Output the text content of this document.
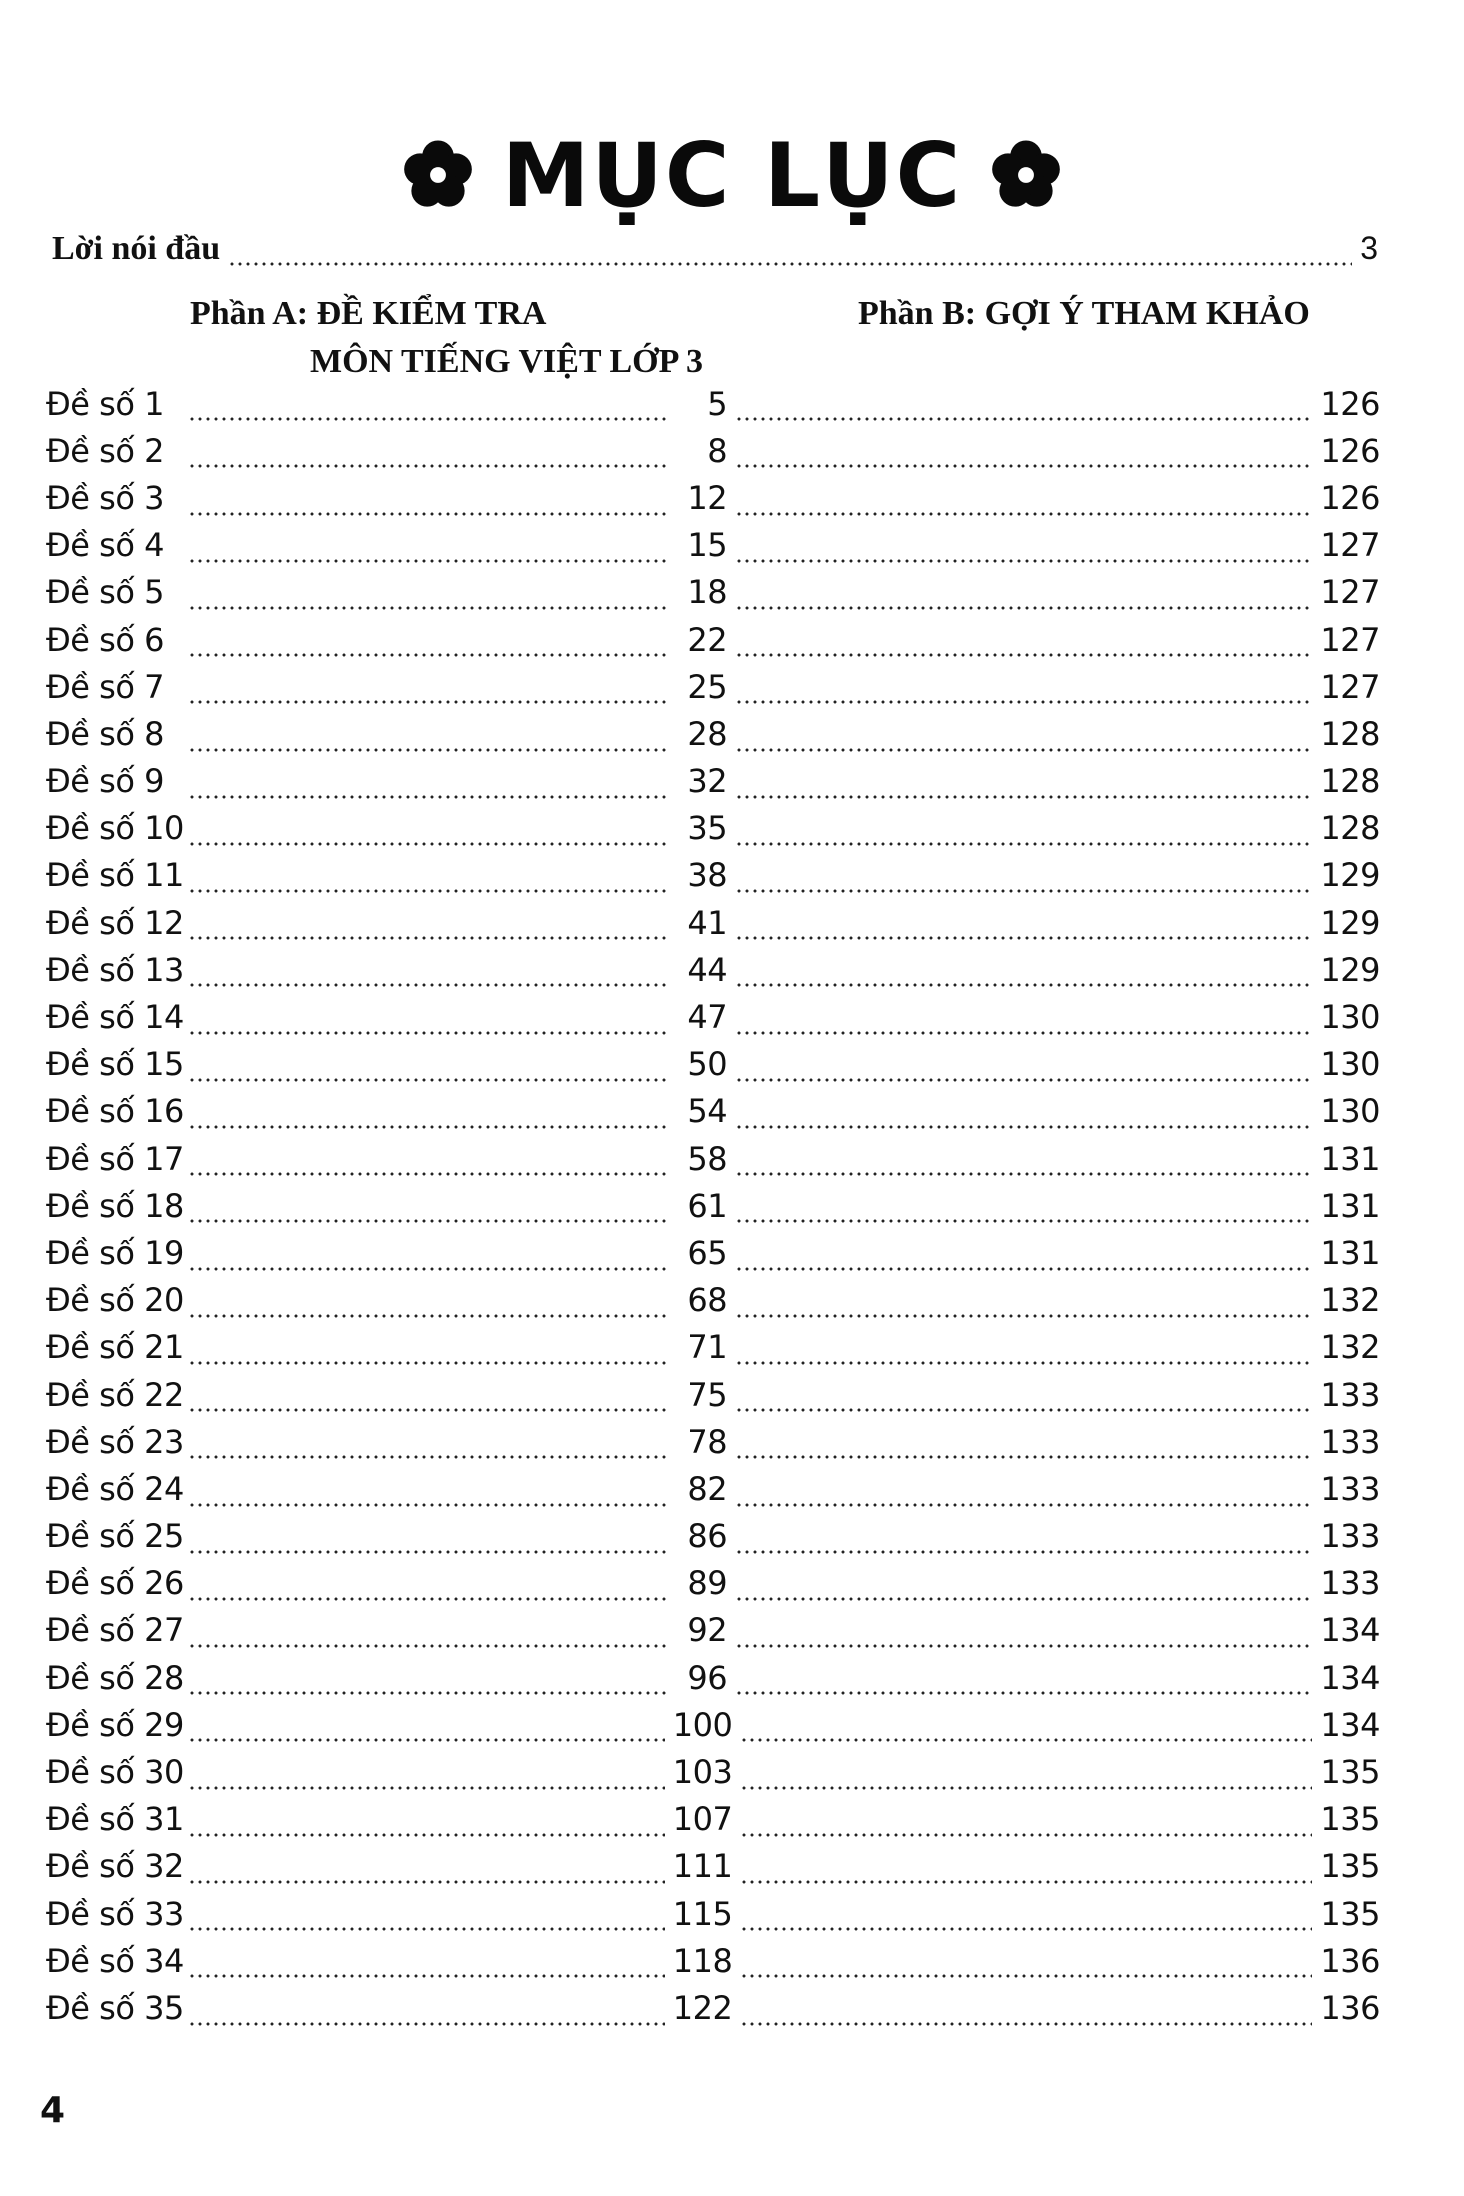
MỤC LỤC
Lời nói đầu	3
Phần A: ĐỀ KIỂM TRA
MÔN TIẾNG VIỆT LỚP 3
Phần B: GỢI Ý THAM KHẢO
Đề số 1	5	126
Đề số 2	8	126
Đề số 3	12	126
Đề số 4	15	127
Đề số 5	18	127
Đề số 6	22	127
Đề số 7	25	127
Đề số 8	28	128
Đề số 9	32	128
Đề số 10	35	128
Đề số 11	38	129
Đề số 12	41	129
Đề số 13	44	129
Đề số 14	47	130
Đề số 15	50	130
Đề số 16	54	130
Đề số 17	58	131
Đề số 18	61	131
Đề số 19	65	131
Đề số 20	68	132
Đề số 21	71	132
Đề số 22	75	133
Đề số 23	78	133
Đề số 24	82	133
Đề số 25	86	133
Đề số 26	89	133
Đề số 27	92	134
Đề số 28	96	134
Đề số 29	100	134
Đề số 30	103	135
Đề số 31	107	135
Đề số 32	111	135
Đề số 33	115	135
Đề số 34	118	136
Đề số 35	122	136
4
